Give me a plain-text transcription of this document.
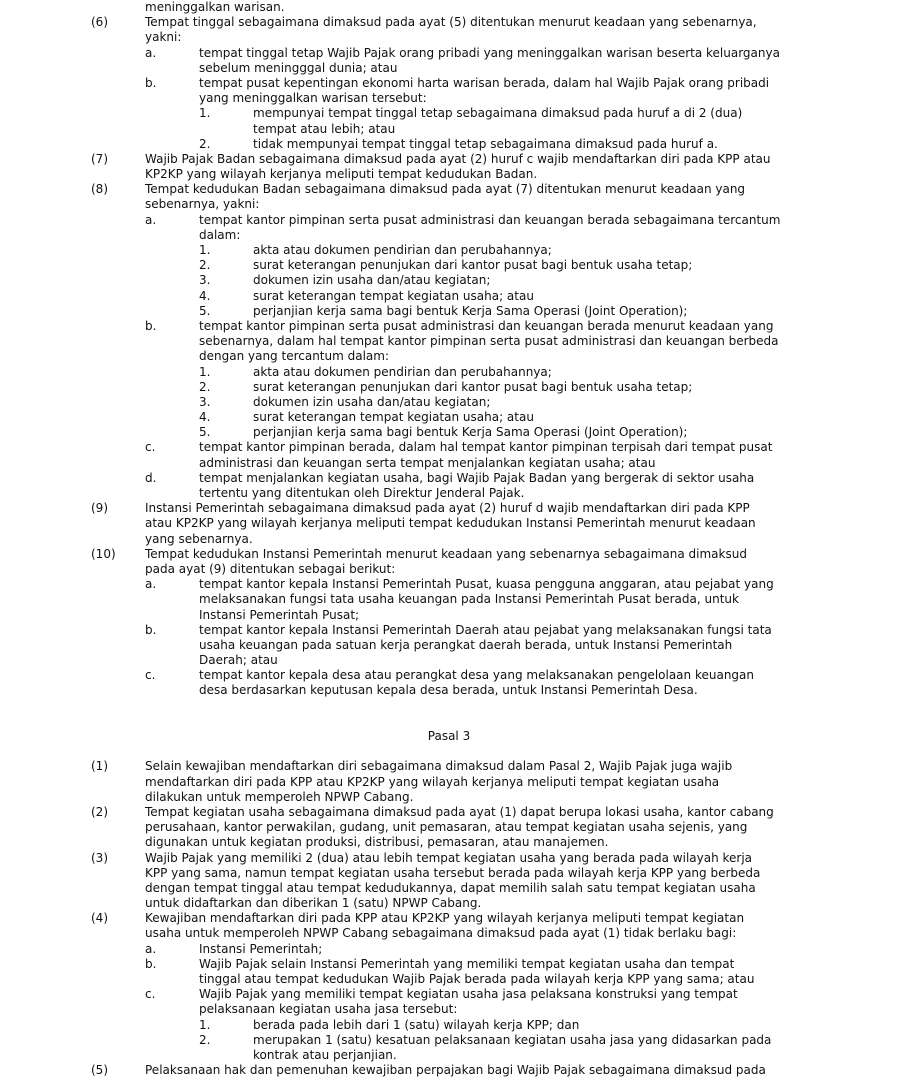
meninggalkan warisan.
(6)	Tempat tinggal sebagaimana dimaksud pada ayat (5) ditentukan menurut keadaan yang sebenarnya,
yakni:
a.	tempat tinggal tetap Wajib Pajak orang pribadi yang meninggalkan warisan beserta keluarganya
sebelum meningggal dunia; atau
b.	tempat pusat kepentingan ekonomi harta warisan berada, dalam hal Wajib Pajak orang pribadi
yang meninggalkan warisan tersebut:
1.	mempunyai tempat tinggal tetap sebagaimana dimaksud pada huruf a di 2 (dua)
tempat atau lebih; atau
2.	tidak mempunyai tempat tinggal tetap sebagaimana dimaksud pada huruf a.
(7)	Wajib Pajak Badan sebagaimana dimaksud pada ayat (2) huruf c wajib mendaftarkan diri pada KPP atau
KP2KP yang wilayah kerjanya meliputi tempat kedudukan Badan.
(8)	Tempat kedudukan Badan sebagaimana dimaksud pada ayat (7) ditentukan menurut keadaan yang
sebenarnya, yakni:
a.	tempat kantor pimpinan serta pusat administrasi dan keuangan berada sebagaimana tercantum
dalam:
1.	akta atau dokumen pendirian dan perubahannya;
2.	surat keterangan penunjukan dari kantor pusat bagi bentuk usaha tetap;
3.	dokumen izin usaha dan/atau kegiatan;
4.	surat keterangan tempat kegiatan usaha; atau
5.	perjanjian kerja sama bagi bentuk Kerja Sama Operasi (Joint Operation);
b.	tempat kantor pimpinan serta pusat administrasi dan keuangan berada menurut keadaan yang
sebenarnya, dalam hal tempat kantor pimpinan serta pusat administrasi dan keuangan berbeda
dengan yang tercantum dalam:
1.	akta atau dokumen pendirian dan perubahannya;
2.	surat keterangan penunjukan dari kantor pusat bagi bentuk usaha tetap;
3.	dokumen izin usaha dan/atau kegiatan;
4.	surat keterangan tempat kegiatan usaha; atau
5.	perjanjian kerja sama bagi bentuk Kerja Sama Operasi (Joint Operation);
c.	tempat kantor pimpinan berada, dalam hal tempat kantor pimpinan terpisah dari tempat pusat
administrasi dan keuangan serta tempat menjalankan kegiatan usaha; atau
d.	tempat menjalankan kegiatan usaha, bagi Wajib Pajak Badan yang bergerak di sektor usaha
tertentu yang ditentukan oleh Direktur Jenderal Pajak.
(9)	Instansi Pemerintah sebagaimana dimaksud pada ayat (2) huruf d wajib mendaftarkan diri pada KPP
atau KP2KP yang wilayah kerjanya meliputi tempat kedudukan Instansi Pemerintah menurut keadaan
yang sebenarnya.
(10) Tempat kedudukan Instansi Pemerintah menurut keadaan yang sebenarnya sebagaimana dimaksud
pada ayat (9) ditentukan sebagai berikut:
a.	tempat kantor kepala Instansi Pemerintah Pusat, kuasa pengguna anggaran, atau pejabat yang
melaksanakan fungsi tata usaha keuangan pada Instansi Pemerintah Pusat berada, untuk
Instansi Pemerintah Pusat;
b.	tempat kantor kepala Instansi Pemerintah Daerah atau pejabat yang melaksanakan fungsi tata
usaha keuangan pada satuan kerja perangkat daerah berada, untuk Instansi Pemerintah
Daerah; atau
c.	tempat kantor kepala desa atau perangkat desa yang melaksanakan pengelolaan keuangan
desa berdasarkan keputusan kepala desa berada, untuk Instansi Pemerintah Desa.
Pasal 3
(1)	Selain kewajiban mendaftarkan diri sebagaimana dimaksud dalam Pasal 2, Wajib Pajak juga wajib
mendaftarkan diri pada KPP atau KP2KP yang wilayah kerjanya meliputi tempat kegiatan usaha
dilakukan untuk memperoleh NPWP Cabang.
(2)	Tempat kegiatan usaha sebagaimana dimaksud pada ayat (1) dapat berupa lokasi usaha, kantor cabang
perusahaan, kantor perwakilan, gudang, unit pemasaran, atau tempat kegiatan usaha sejenis, yang
digunakan untuk kegiatan produksi, distribusi, pemasaran, atau manajemen.
(3)	Wajib Pajak yang memiliki 2 (dua) atau lebih tempat kegiatan usaha yang berada pada wilayah kerja
KPP yang sama, namun tempat kegiatan usaha tersebut berada pada wilayah kerja KPP yang berbeda
dengan tempat tinggal atau tempat kedudukannya, dapat memilih salah satu tempat kegiatan usaha
untuk didaftarkan dan diberikan 1 (satu) NPWP Cabang.
(4)	Kewajiban mendaftarkan diri pada KPP atau KP2KP yang wilayah kerjanya meliputi tempat kegiatan
usaha untuk memperoleh NPWP Cabang sebagaimana dimaksud pada ayat (1) tidak berlaku bagi:
a.	Instansi Pemerintah;
b.	Wajib Pajak selain Instansi Pemerintah yang memiliki tempat kegiatan usaha dan tempat
tinggal atau tempat kedudukan Wajib Pajak berada pada wilayah kerja KPP yang sama; atau
c.	Wajib Pajak yang memiliki tempat kegiatan usaha jasa pelaksana konstruksi yang tempat
pelaksanaan kegiatan usaha jasa tersebut:
1.	berada pada lebih dari 1 (satu) wilayah kerja KPP; dan
2.	merupakan 1 (satu) kesatuan pelaksanaan kegiatan usaha jasa yang didasarkan pada
kontrak atau perjanjian.
(5)	Pelaksanaan hak dan pemenuhan kewajiban perpajakan bagi Wajib Pajak sebagaimana dimaksud pada
